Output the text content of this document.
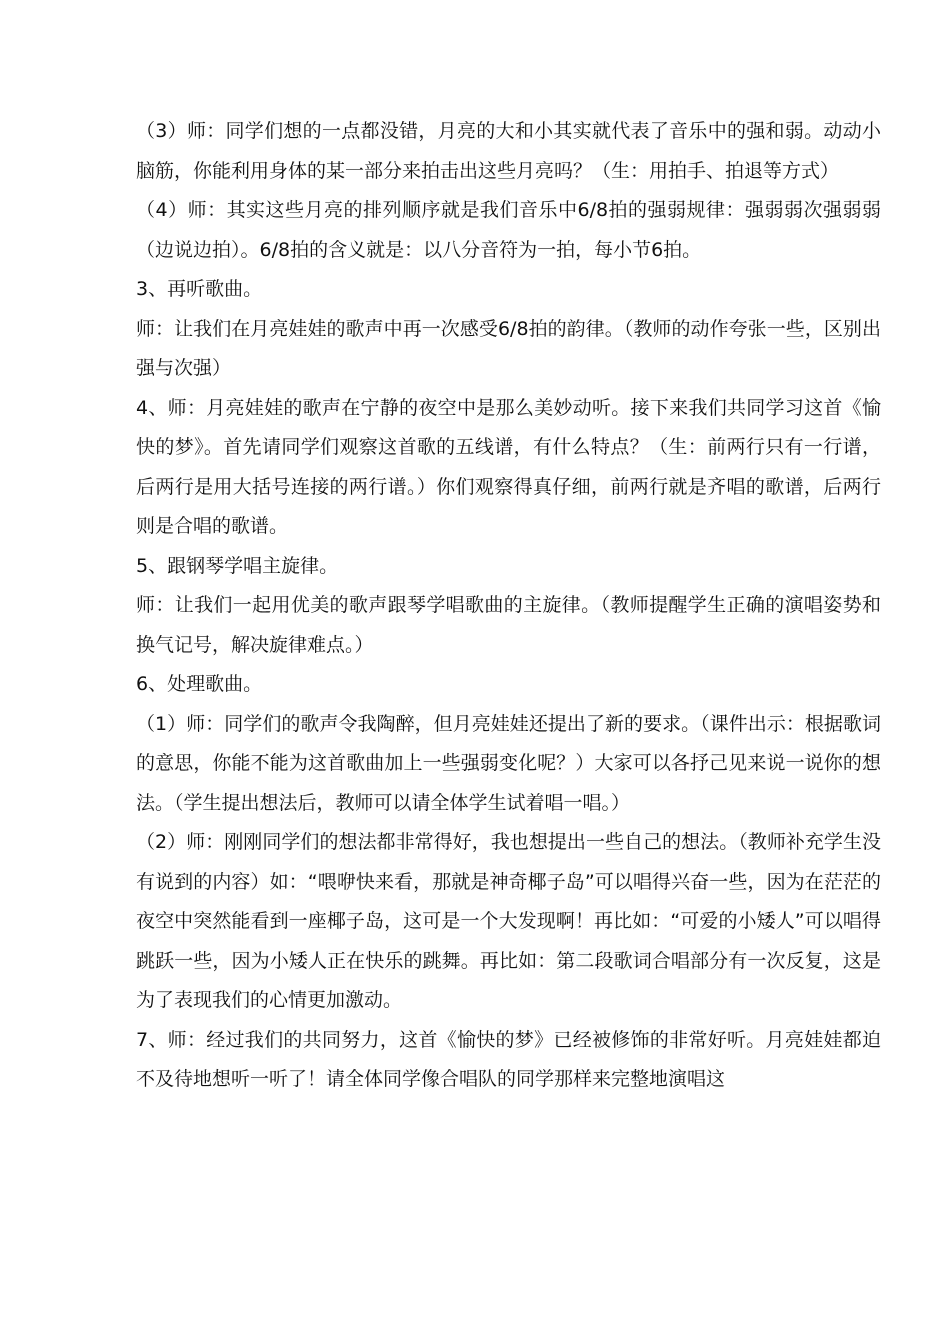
（3）师：同学们想的一点都没错，月亮的大和小其实就代表了音乐中的强和弱。动动小脑筋，你能利用身体的某一部分来拍击出这些月亮吗？（生：用拍手、拍退等方式）

（4）师：其实这些月亮的排列顺序就是我们音乐中6/8拍的强弱规律：强弱弱次强弱弱（边说边拍）。6/8拍的含义就是：以八分音符为一拍，每小节6拍。

3、再听歌曲。

师：让我们在月亮娃娃的歌声中再一次感受6/8拍的韵律。（教师的动作夸张一些，区别出强与次强）

4、师：月亮娃娃的歌声在宁静的夜空中是那么美妙动听。接下来我们共同学习这首《愉快的梦》。首先请同学们观察这首歌的五线谱，有什么特点？（生：前两行只有一行谱，后两行是用大括号连接的两行谱。）你们观察得真仔细，前两行就是齐唱的歌谱，后两行则是合唱的歌谱。

5、跟钢琴学唱主旋律。

师：让我们一起用优美的歌声跟琴学唱歌曲的主旋律。（教师提醒学生正确的演唱姿势和换气记号，解决旋律难点。）

6、处理歌曲。

（1）师：同学们的歌声令我陶醉，但月亮娃娃还提出了新的要求。（课件出示：根据歌词的意思，你能不能为这首歌曲加上一些强弱变化呢？）大家可以各抒己见来说一说你的想法。（学生提出想法后，教师可以请全体学生试着唱一唱。）

（2）师：刚刚同学们的想法都非常得好，我也想提出一些自己的想法。（教师补充学生没有说到的内容）如：“喂咿快来看，那就是神奇椰子岛”可以唱得兴奋一些，因为在茫茫的夜空中突然能看到一座椰子岛，这可是一个大发现啊！再比如：“可爱的小矮人”可以唱得跳跃一些，因为小矮人正在快乐的跳舞。再比如：第二段歌词合唱部分有一次反复，这是为了表现我们的心情更加激动。

7、师：经过我们的共同努力，这首《愉快的梦》已经被修饰的非常好听。月亮娃娃都迫不及待地想听一听了！请全体同学像合唱队的同学那样来完整地演唱这
